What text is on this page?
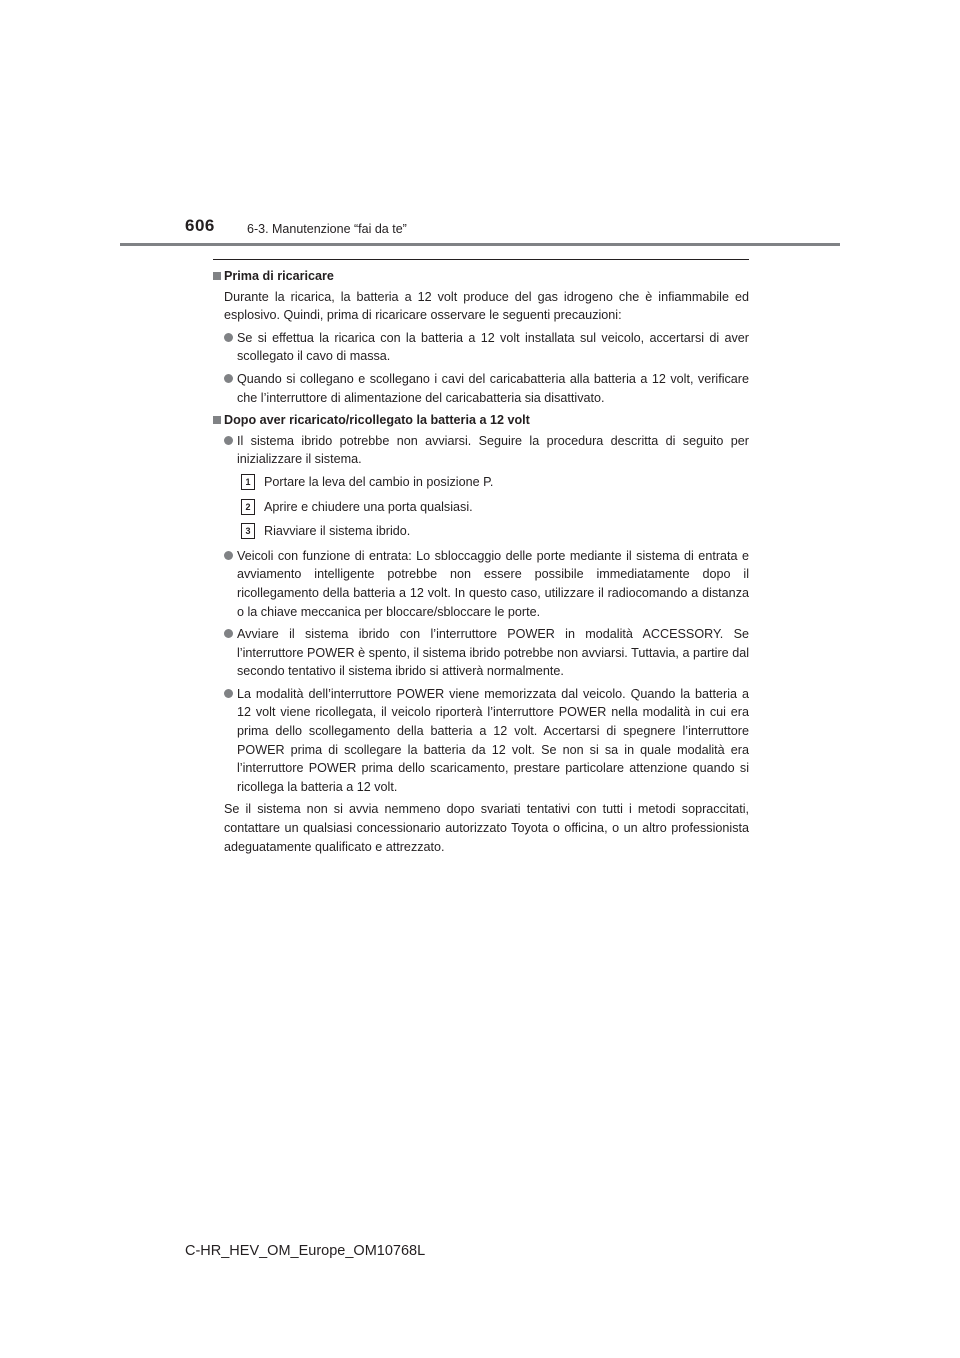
606	6-3. Manutenzione “fai da te”
Prima di ricaricare

Durante la ricarica, la batteria a 12 volt produce del gas idrogeno che è infiammabile ed esplosivo. Quindi, prima di ricaricare osservare le seguenti precauzioni:

Se si effettua la ricarica con la batteria a 12 volt installata sul veicolo, accertarsi di aver scollegato il cavo di massa.
Quando si collegano e scollegano i cavi del caricabatteria alla batteria a 12 volt, verificare che l’interruttore di alimentazione del caricabatteria sia disattivato.
Dopo aver ricaricato/ricollegato la batteria a 12 volt
Il sistema ibrido potrebbe non avviarsi. Seguire la procedura descritta di seguito per inizializzare il sistema.
1	Portare la leva del cambio in posizione P.
2	Aprire e chiudere una porta qualsiasi.
3	Riavviare il sistema ibrido.
Veicoli con funzione di entrata: Lo sbloccaggio delle porte mediante il sistema di entrata e avviamento intelligente potrebbe non essere possibile immediatamente dopo il ricollegamento della batteria a 12 volt. In questo caso, utilizzare il radiocomando a distanza o la chiave meccanica per bloccare/sbloccare le porte.
Avviare il sistema ibrido con l’interruttore POWER in modalità ACCESSORY. Se l’interruttore POWER è spento, il sistema ibrido potrebbe non avviarsi. Tuttavia, a partire dal secondo tentativo il sistema ibrido si attiverà normalmente.
La modalità dell’interruttore POWER viene memorizzata dal veicolo. Quando la batteria a 12 volt viene ricollegata, il veicolo riporterà l’interruttore POWER nella modalità in cui era prima dello scollegamento della batteria a 12 volt. Accertarsi di spegnere l’interruttore POWER prima di scollegare la batteria da 12 volt. Se non si sa in quale modalità era l’interruttore POWER prima dello scaricamento, prestare particolare attenzione quando si ricollega la batteria a 12 volt.

Se il sistema non si avvia nemmeno dopo svariati tentativi con tutti i metodi sopraccitati, contattare un qualsiasi concessionario autorizzato Toyota o officina, o un altro professionista adeguatamente qualificato e attrezzato.

C-HR_HEV_OM_Europe_OM10768L
